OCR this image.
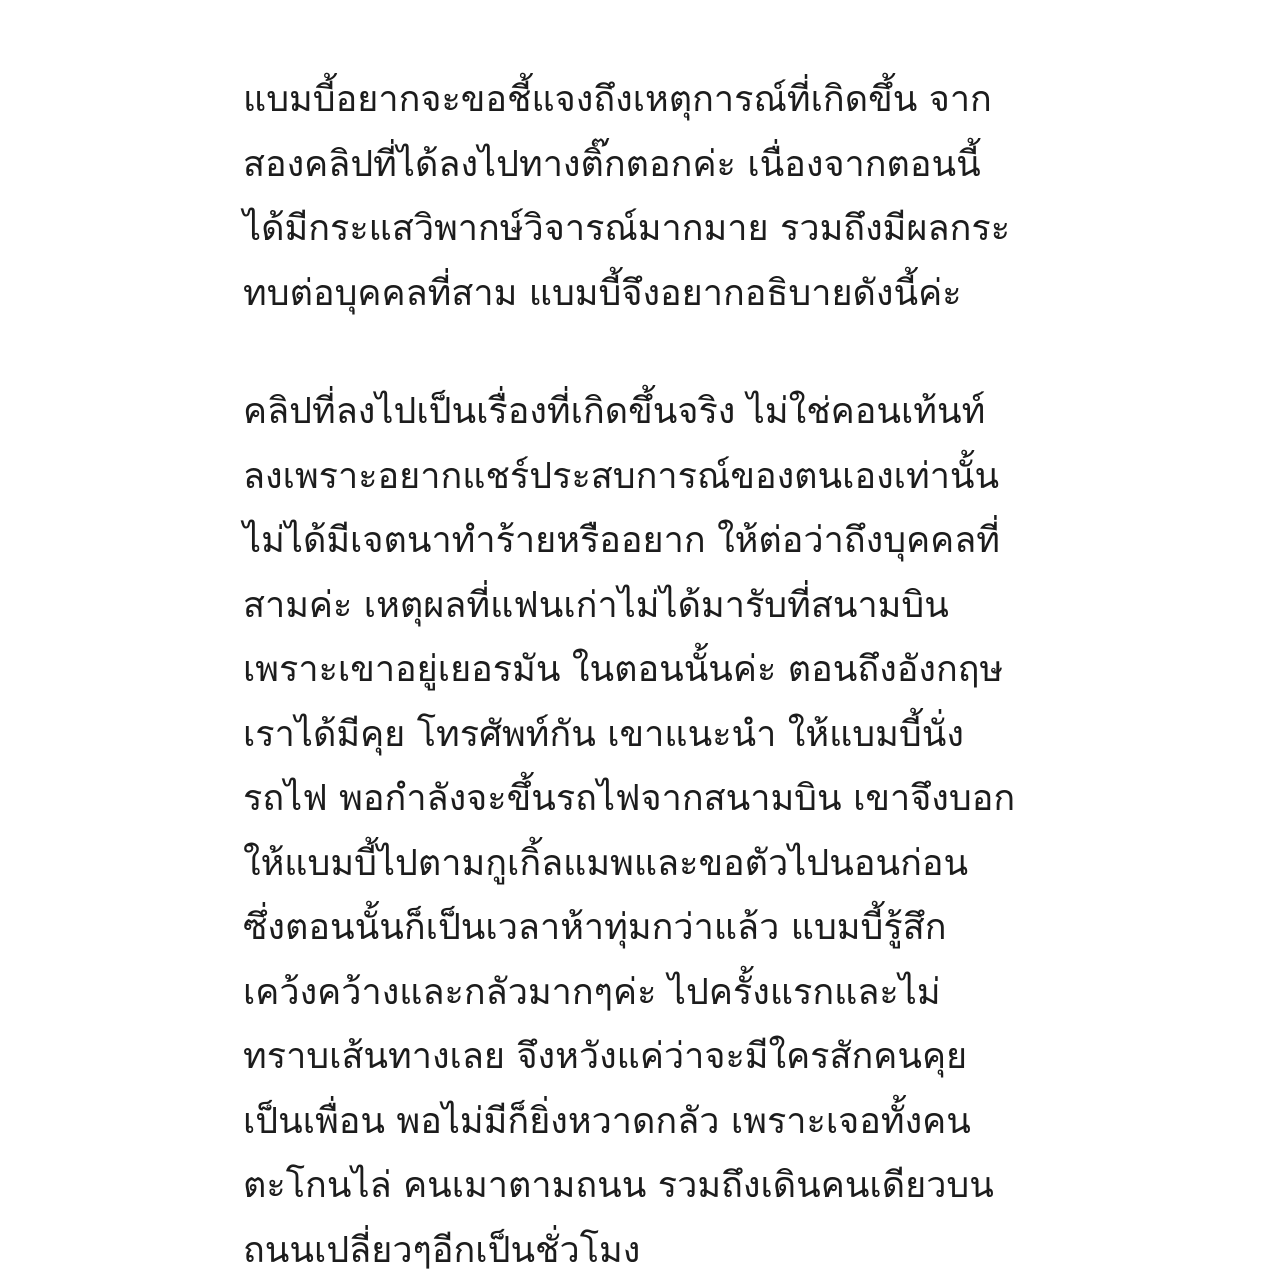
แบมบี้อยากจะขอชี้แจงถึงเหตุการณ์ที่เกิดขึ้น จาก
สองคลิปที่ได้ลงไปทางติ๊กตอกค่ะ เนื่องจากตอนนี้
ได้มีกระแสวิพากษ์วิจารณ์มากมาย รวมถึงมีผลกระ
ทบต่อบุคคลที่สาม แบมบี้จึงอยากอธิบายดังนี้ค่ะ
คลิปที่ลงไปเป็นเรื่องที่เกิดขึ้นจริง ไม่ใช่คอนเท้นท์
ลงเพราะอยากแชร์ประสบการณ์ของตนเองเท่านั้น
ไม่ได้มีเจตนาทำร้ายหรืออยาก ให้ต่อว่าถึงบุคคลที่
สามค่ะ เหตุผลที่แฟนเก่าไม่ได้มารับที่สนามบิน
เพราะเขาอยู่เยอรมัน ในตอนนั้นค่ะ ตอนถึงอังกฤษ
เราได้มีคุย โทรศัพท์กัน เขาแนะนำ ให้แบมบี้นั่ง
รถไฟ พอกำลังจะขึ้นรถไฟจากสนามบิน เขาจึงบอก
ให้แบมบี้ไปตามกูเกิ้ลแมพและขอตัวไปนอนก่อน
ซึ่งตอนนั้นก็เป็นเวลาห้าทุ่มกว่าแล้ว แบมบี้รู้สึก
เคว้งคว้างและกลัวมากๆค่ะ ไปครั้งแรกและไม่
ทราบเส้นทางเลย จึงหวังแค่ว่าจะมีใครสักคนคุย
เป็นเพื่อน พอไม่มีก็ยิ่งหวาดกลัว เพราะเจอทั้งคน
ตะโกนไล่ คนเมาตามถนน รวมถึงเดินคนเดียวบน
ถนนเปลี่ยวๆอีกเป็นชั่วโมง
